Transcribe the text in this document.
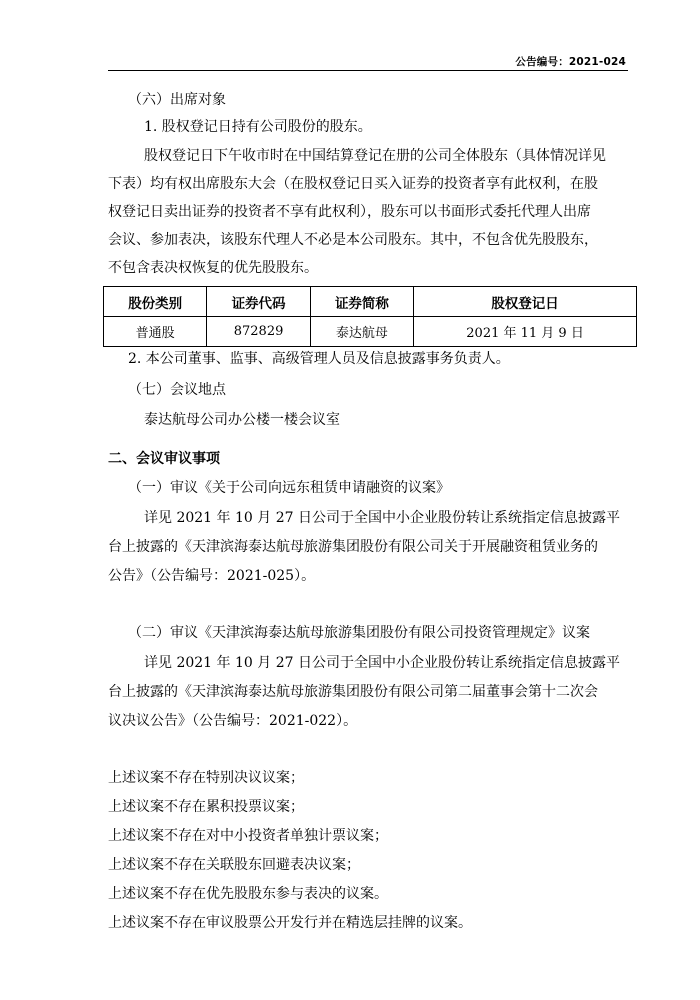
公告编号：2021-024
（六）出席对象
1. 股权登记日持有公司股份的股东。
股权登记日下午收市时在中国结算登记在册的公司全体股东（具体情况详见
下表）均有权出席股东大会（在股权登记日买入证券的投资者享有此权利，在股
权登记日卖出证券的投资者不享有此权利），股东可以书面形式委托代理人出席
会议、参加表决，该股东代理人不必是本公司股东。其中，不包含优先股股东，
不包含表决权恢复的优先股股东。
股份类别	证券代码	证券简称	股权登记日
普通股	872829	泰达航母	2021 年 11 月 9 日
2. 本公司董事、监事、高级管理人员及信息披露事务负责人。
（七）会议地点
泰达航母公司办公楼一楼会议室
二、会议审议事项
（一）审议《关于公司向远东租赁申请融资的议案》
详见 2021 年 10 月 27 日公司于全国中小企业股份转让系统指定信息披露平
台上披露的《天津滨海泰达航母旅游集团股份有限公司关于开展融资租赁业务的
公告》（公告编号：2021-025）。
（二）审议《天津滨海泰达航母旅游集团股份有限公司投资管理规定》议案
详见 2021 年 10 月 27 日公司于全国中小企业股份转让系统指定信息披露平
台上披露的《天津滨海泰达航母旅游集团股份有限公司第二届董事会第十二次会
议决议公告》（公告编号：2021-022）。
上述议案不存在特别决议议案；
上述议案不存在累积投票议案；
上述议案不存在对中小投资者单独计票议案；
上述议案不存在关联股东回避表决议案；
上述议案不存在优先股股东参与表决的议案。
上述议案不存在审议股票公开发行并在精选层挂牌的议案。
